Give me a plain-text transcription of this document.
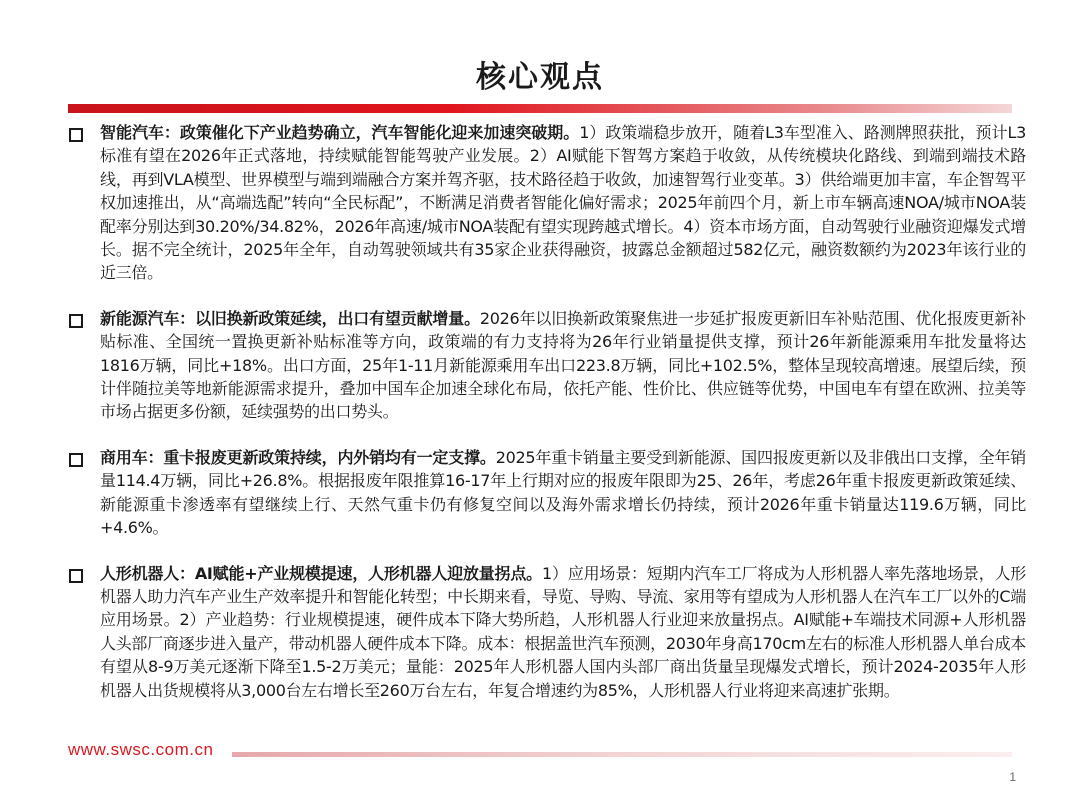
核心观点
智能汽车：政策催化下产业趋势确立，汽车智能化迎来加速突破期。1）政策端稳步放开，随着L3车型准入、路测牌照获批，预计L3标准有望在2026年正式落地，持续赋能智能驾驶产业发展。2）AI赋能下智驾方案趋于收敛，从传统模块化路线、到端到端技术路线，再到VLA模型、世界模型与端到端融合方案并驾齐驱，技术路径趋于收敛，加速智驾行业变革。3）供给端更加丰富，车企智驾平权加速推出，从“高端选配”转向“全民标配”，不断满足消费者智能化偏好需求；2025年前四个月，新上市车辆高速NOA/城市NOA装配率分别达到30.20%/34.82%，2026年高速/城市NOA装配有望实现跨越式增长。4）资本市场方面，自动驾驶行业融资迎爆发式增长。据不完全统计，2025年全年，自动驾驶领域共有35家企业获得融资，披露总金额超过582亿元，融资数额约为2023年该行业的近三倍。
新能源汽车：以旧换新政策延续，出口有望贡献增量。2026年以旧换新政策聚焦进一步延扩报废更新旧车补贴范围、优化报废更新补贴标准、全国统一置换更新补贴标准等方向，政策端的有力支持将为26年行业销量提供支撑，预计26年新能源乘用车批发量将达1816万辆，同比+18%。出口方面，25年1-11月新能源乘用车出口223.8万辆，同比+102.5%，整体呈现较高增速。展望后续，预计伴随拉美等地新能源需求提升，叠加中国车企加速全球化布局，依托产能、性价比、供应链等优势，中国电车有望在欧洲、拉美等市场占据更多份额，延续强势的出口势头。
商用车：重卡报废更新政策持续，内外销均有一定支撑。2025年重卡销量主要受到新能源、国四报废更新以及非俄出口支撑，全年销量114.4万辆，同比+26.8%。根据报废年限推算16-17年上行期对应的报废年限即为25、26年，考虑26年重卡报废更新政策延续、新能源重卡渗透率有望继续上行、天然气重卡仍有修复空间以及海外需求增长仍持续，预计2026年重卡销量达119.6万辆，同比+4.6%。
人形机器人：AI赋能+产业规模提速，人形机器人迎放量拐点。1）应用场景：短期内汽车工厂将成为人形机器人率先落地场景，人形机器人助力汽车产业生产效率提升和智能化转型；中长期来看，导览、导购、导流、家用等有望成为人形机器人在汽车工厂以外的C端应用场景。2）产业趋势：行业规模提速，硬件成本下降大势所趋，人形机器人行业迎来放量拐点。AI赋能+车端技术同源+人形机器人头部厂商逐步进入量产，带动机器人硬件成本下降。成本：根据盖世汽车预测，2030年身高170cm左右的标准人形机器人单台成本有望从8-9万美元逐渐下降至1.5-2万美元；量能：2025年人形机器人国内头部厂商出货量呈现爆发式增长，预计2024-2035年人形机器人出货规模将从3,000台左右增长至260万台左右，年复合增速约为85%，人形机器人行业将迎来高速扩张期。
www.swsc.com.cn
1
